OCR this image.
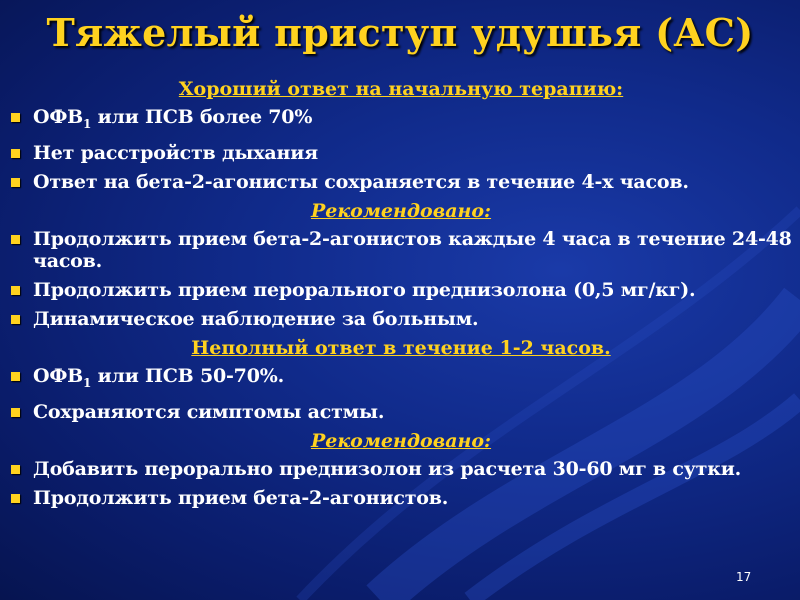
Тяжелый приступ удушья (АС)
Хороший ответ на начальную терапию:
$ОФВ_1$ или ПСВ более 70%
Нет расстройств дыхания
Ответ на бета-2-агонисты сохраняется в течение 4-х часов.
Рекомендовано:
Продолжить прием бета-2-агонистов каждые 4 часа в течение 24-48 часов.
Продолжить прием перорального преднизолона (0,5 мг/кг).
Динамическое наблюдение за больным.
Неполный ответ в течение 1-2 часов.
$ОФВ_1$ или ПСВ 50-70%.
Сохраняются симптомы астмы.
Рекомендовано:
Добавить перорально преднизолон из расчета 30-60 мг в сутки.
Продолжить прием бета-2-агонистов.
17
